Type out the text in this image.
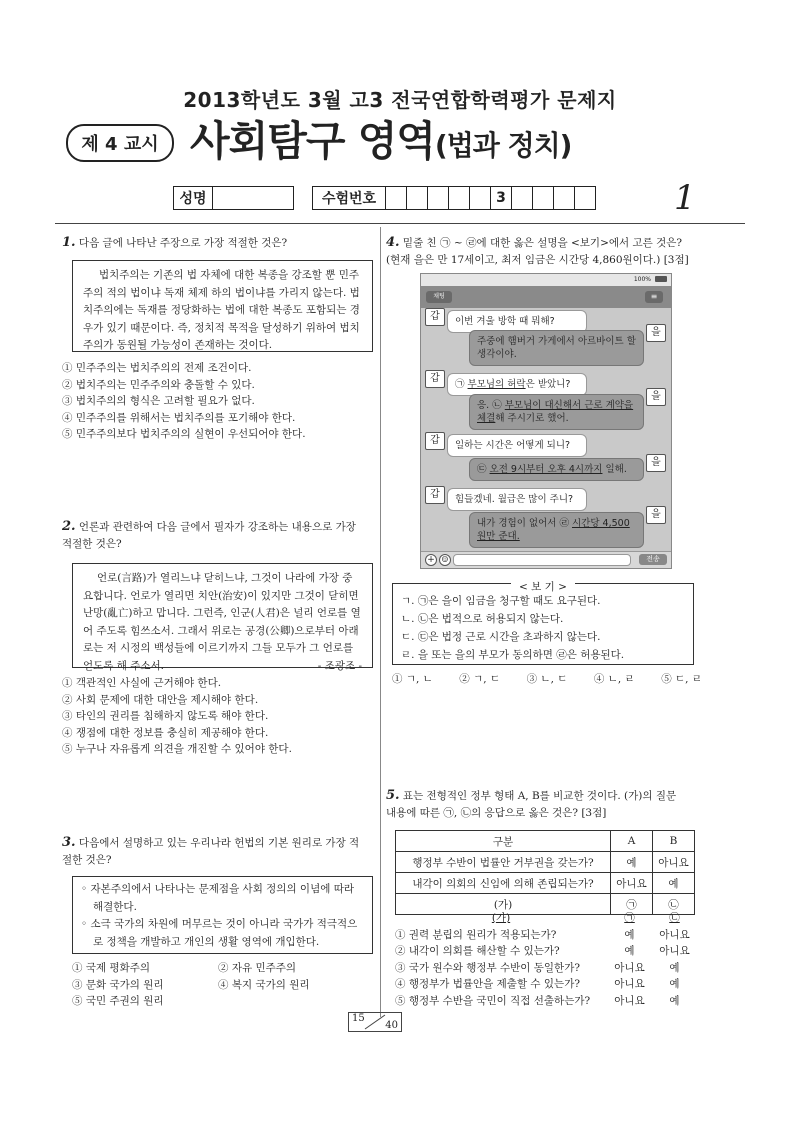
2013학년도 3월 고3 전국연합학력평가 문제지
제 4 교시 사회탐구 영역(법과 정치)
성명			수험번호						3					1
1. 다음 글에 나타난 주장으로 가장 적절한 것은?
법치주의는 기존의 법 자체에 대한 복종을 강조할 뿐 민주주의 적의 법이냐 독재 체제 하의 법이냐를 가리지 않는다. 법치주의에는 독재를 정당화하는 법에 대한 복종도 포함되는 경우가 있기 때문이다. 즉, 정치적 목적을 달성하기 위하여 법치주의가 동원될 가능성이 존재하는 것이다.
① 민주주의는 법치주의의 전제 조건이다.
② 법치주의는 민주주의와 충돌할 수 있다.
③ 법치주의의 형식은 고려할 필요가 없다.
④ 민주주의를 위해서는 법치주의를 포기해야 한다.
⑤ 민주주의보다 법치주의의 실현이 우선되어야 한다.
2. 언론과 관련하여 다음 글에서 필자가 강조하는 내용으로 가장
적절한 것은?
언로(言路)가 열리느냐 닫히느냐, 그것이 나라에 가장 중요합니다. 언로가 열리면 치안(治安)이 있지만 그것이 닫히면 난망(亂亡)하고 맙니다. 그런즉, 인군(人君)은 널리 언로를 열어 주도록 힘쓰소서. 그래서 위로는 공경(公卿)으로부터 아래로는 저 시정의 백성들에 이르기까지 그들 모두가 그 언로를 얻도록 해 주소서.	- 조광조 -
① 객관적인 사실에 근거해야 한다.
② 사회 문제에 대한 대안을 제시해야 한다.
③ 타인의 권리를 침해하지 않도록 해야 한다.
④ 쟁점에 대한 정보를 충실히 제공해야 한다.
⑤ 누구나 자유롭게 의견을 개진할 수 있어야 한다.
3. 다음에서 설명하고 있는 우리나라 헌법의 기본 원리로 가장 적
절한 것은?
◦ 자본주의에서 나타나는 문제점을 사회 정의의 이념에 따라 해결한다.
◦ 소극 국가의 차원에 머무르는 것이 아니라 국가가 적극적으로 정책을 개발하고 개인의 생활 영역에 개입한다.
① 국제 평화주의	② 자유 민주주의
③ 문화 국가의 원리	④ 복지 국가의 원리
⑤ 국민 주권의 원리
4. 밑줄 친 ㉠ ~ ㉣에 대한 옳은 설명을 <보기>에서 고른 것은?
(현재 을은 만 17세이고, 최저 임금은 시간당 4,860원이다.) [3점]
100%
채팅	≡
갑	이번 겨울 방학 때 뭐해?
주중에 햄버거 가게에서 아르바이트 할 생각이야.
을
갑
㉠ 부모님의 허락은 받았니?
응. ㉡ 부모님이 대신해서 근로 계약을 체결해 주시기로 했어.
을
갑	일하는 시간은 어떻게 되니?
㉢ 오전 9시부터 오후 4시까지 일해.
을
갑	힘들겠네. 월급은 많이 주니?
내가 경험이 없어서 ㉣ 시간당 4,500원만 준대.
을
+ ☺	전송
< 보 기 >
ㄱ. ㉠은 을이 임금을 청구할 때도 요구된다.
ㄴ. ㉡은 법적으로 허용되지 않는다.
ㄷ. ㉢은 법정 근로 시간을 초과하지 않는다.
ㄹ. 을 또는 을의 부모가 동의하면 ㉣은 허용된다.
① ㄱ, ㄴ	② ㄱ, ㄷ	③ ㄴ, ㄷ	④ ㄴ, ㄹ	⑤ ㄷ, ㄹ
5. 표는 전형적인 정부 형태 A, B를 비교한 것이다. (가)의 질문
내용에 따른 ㉠, ㉡의 응답으로 옳은 것은? [3점]
구분	A	B
행정부 수반이 법률안 거부권을 갖는가?	예	아니요
내각이 의회의 신임에 의해 존립되는가?	아니요	예
(가)	㉠	㉡
(가)	㉠	㉡
① 권력 분립의 원리가 적용되는가?	예	아니요
② 내각이 의회를 해산할 수 있는가?	예	아니요
③ 국가 원수와 행정부 수반이 동일한가?	아니요	예
④ 행정부가 법률안을 제출할 수 있는가?	아니요	예
⑤ 행정부 수반을 국민이 직접 선출하는가?	아니요	예
15
40
